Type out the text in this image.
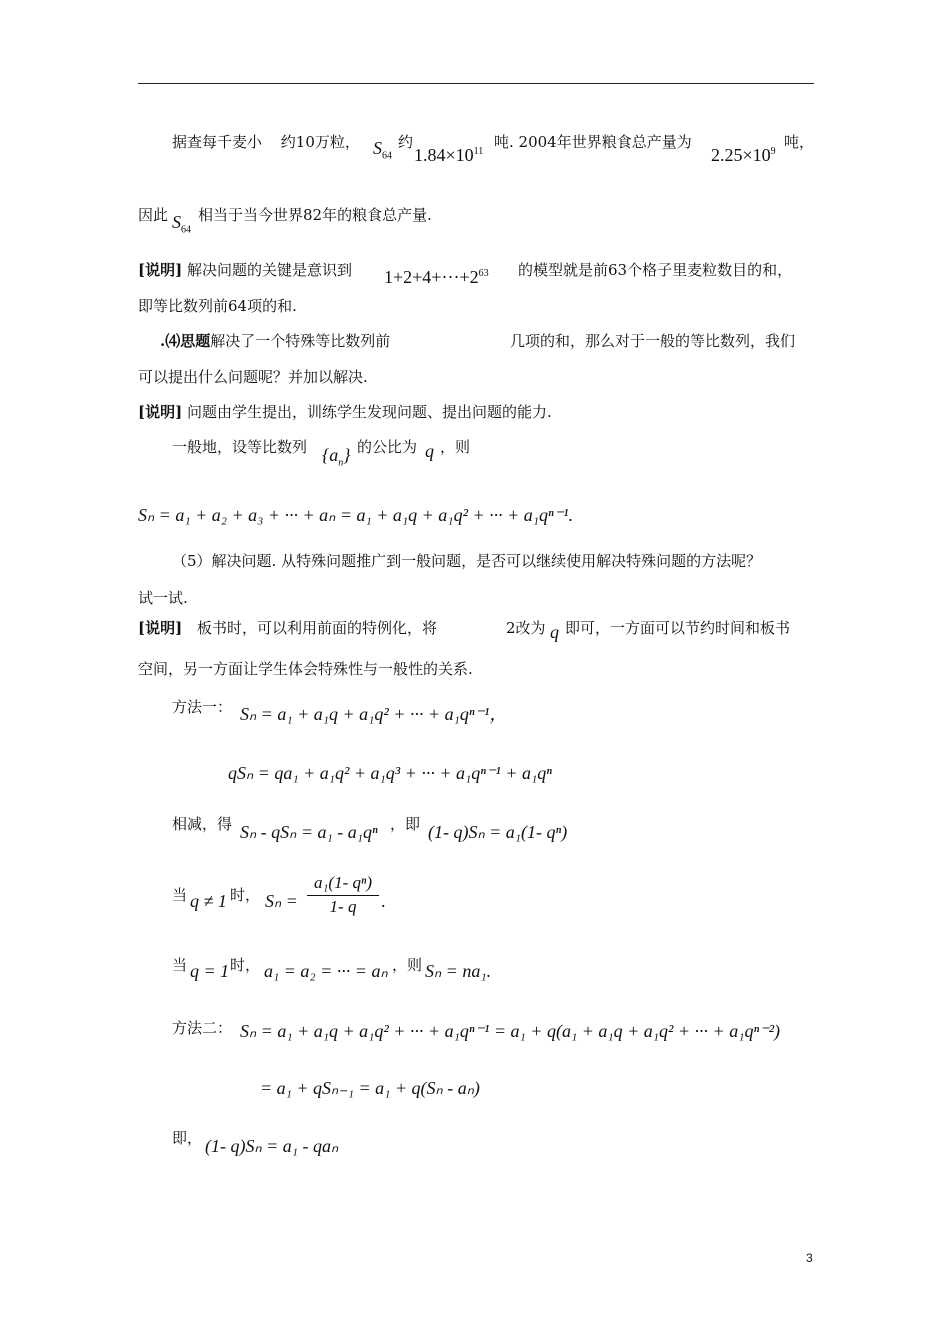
据查每千麦小 约10万粒， $S_{64}$
约
$1.84\times 10^{11}$
吨. 2004年世界粮食总产量为
$2.25\times 10^9$
吨，
因此 $S_{64}$
相当于当今世界82年的粮食总产量.
[说明] 解决问题的关键是意识到 $1+2+4+\cdot\cdot\cdot+2^{63}$ 的模型就是前63个格子里麦粒数目的和，
即等比数列前64项的和.
.⑷思题解决了一个特殊等比数列前	几项的和，那么对于一般的等比数列，我们
可以提出什么问题呢？并加以解决.
[说明] 问题由学生提出，训练学生发现问题、提出问题的能力.
一般地，设等比数列 $\{a_n\}$ 的公比为 q ，则
Sₙ = a₁ + a₂ + a₃ + ··· + aₙ = a₁ + a₁q + a₁q² + ··· + a₁qⁿ⁻¹.
（5）解决问题. 从特殊问题推广到一般问题，是否可以继续使用解决特殊问题的方法呢？
试一试.
[说明] 板书时，可以利用前面的特例化，将	2改为 q 即可，一方面可以节约时间和板书
空间，另一方面让学生体会特殊性与一般性的关系.
方法一： Sₙ = a₁ + a₁q + a₁q² + ··· + a₁qⁿ⁻¹，
qSₙ = qa₁ + a₁q² + a₁q³ + ··· + a₁qⁿ⁻¹ + a₁qⁿ
相减，得 Sₙ - qSₙ = a₁ - a₁qⁿ ，即 (1- q)Sₙ = a₁(1- qⁿ)
当 q ≠ 1 时， $S_n = \frac{\text{a₁(1- qⁿ)}}{1- q}$ .
当 q = 1 时， a₁ = a₂ = ··· = aₙ ，则 Sₙ = na₁.
方法二： Sₙ = a₁ + a₁q + a₁q² + ··· + a₁qⁿ⁻¹ = a₁ + q(a₁ + a₁q + a₁q² + ··· + a₁qⁿ⁻²)
= a₁ + qSₙ₋₁ = a₁ + q(Sₙ - aₙ)
即， (1- q)Sₙ = a₁ - qaₙ
3
